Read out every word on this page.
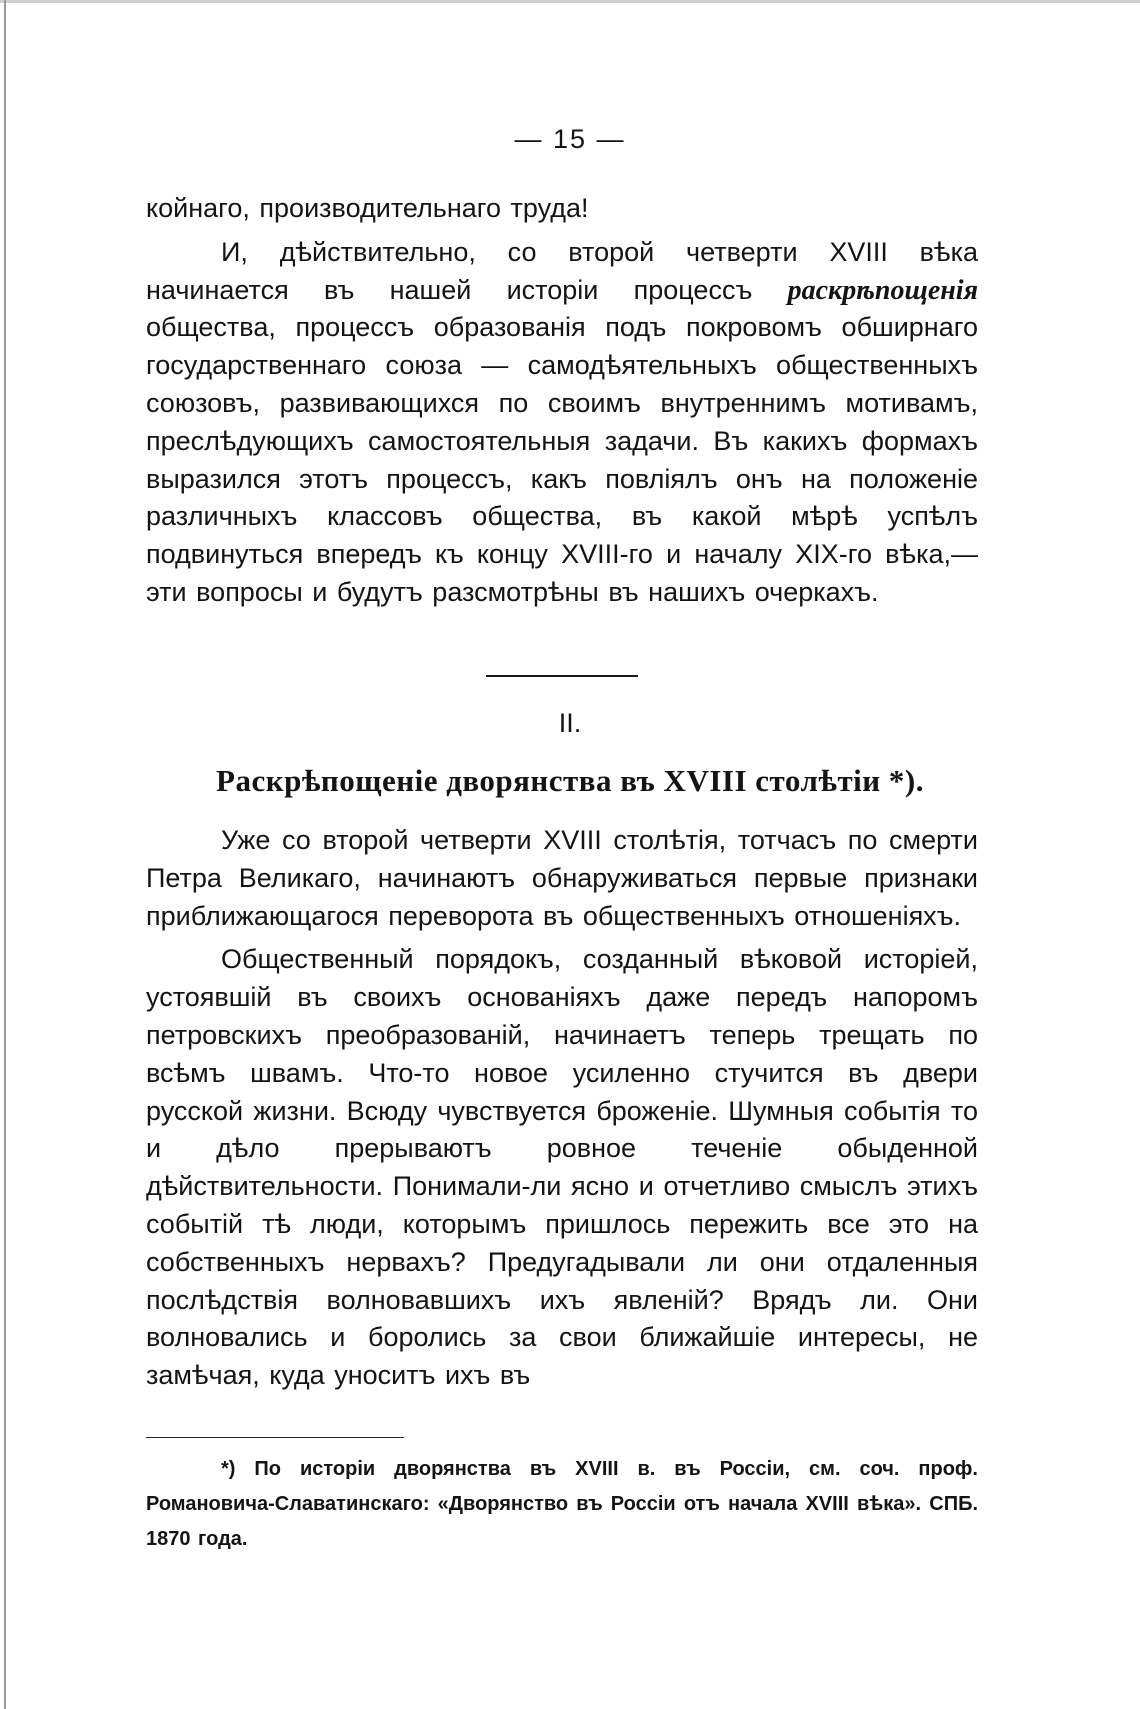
— 15 —

койнаго, производительнаго труда!

И, дѣйствительно, со второй четверти XVIII вѣка начинается въ нашей исторіи процессъ раскрѣпощенія общества, процессъ образованія подъ покровомъ обширнаго государственнаго союза — самодѣятельныхъ общественныхъ союзовъ, развивающихся по своимъ внутреннимъ мотивамъ, преслѣдующихъ самостоятельныя задачи. Въ какихъ формахъ выразился этотъ процессъ, какъ повліялъ онъ на положеніе различныхъ классовъ общества, въ какой мѣрѣ успѣлъ подвинуться впередъ къ концу XVIII-го и началу XIX-го вѣка,—эти вопросы и будутъ разсмотрѣны въ нашихъ очеркахъ.

II.
Раскрѣпощеніе дворянства въ XVIII столѣтіи *).

Уже со второй четверти XVIII столѣтія, тотчасъ по смерти Петра Великаго, начинаютъ обнаруживаться первые признаки приближающагося переворота въ общественныхъ отношеніяхъ.

Общественный порядокъ, созданный вѣковой исторіей, устоявшій въ своихъ основаніяхъ даже передъ напоромъ петровскихъ преобразованій, начинаетъ теперь трещать по всѣмъ швамъ. Что-то новое усиленно стучится въ двери русской жизни. Всюду чувствуется броженіе. Шумныя событія то и дѣло прерываютъ ровное теченіе обыденной дѣйствительности. Понимали-ли ясно и отчетливо смыслъ этихъ событій тѣ люди, которымъ пришлось пережить все это на собственныхъ нервахъ? Предугадывали ли они отдаленныя послѣдствія волновавшихъ ихъ явленій? Врядъ ли. Они волновались и боролись за свои ближайшіе интересы, не замѣчая, куда уноситъ ихъ въ

*) По исторіи дворянства въ XVIII в. въ Россіи, см. соч. проф. Романовича-Славатинскаго: «Дворянство въ Россіи отъ начала XVIII вѣка». СПБ. 1870 года.
